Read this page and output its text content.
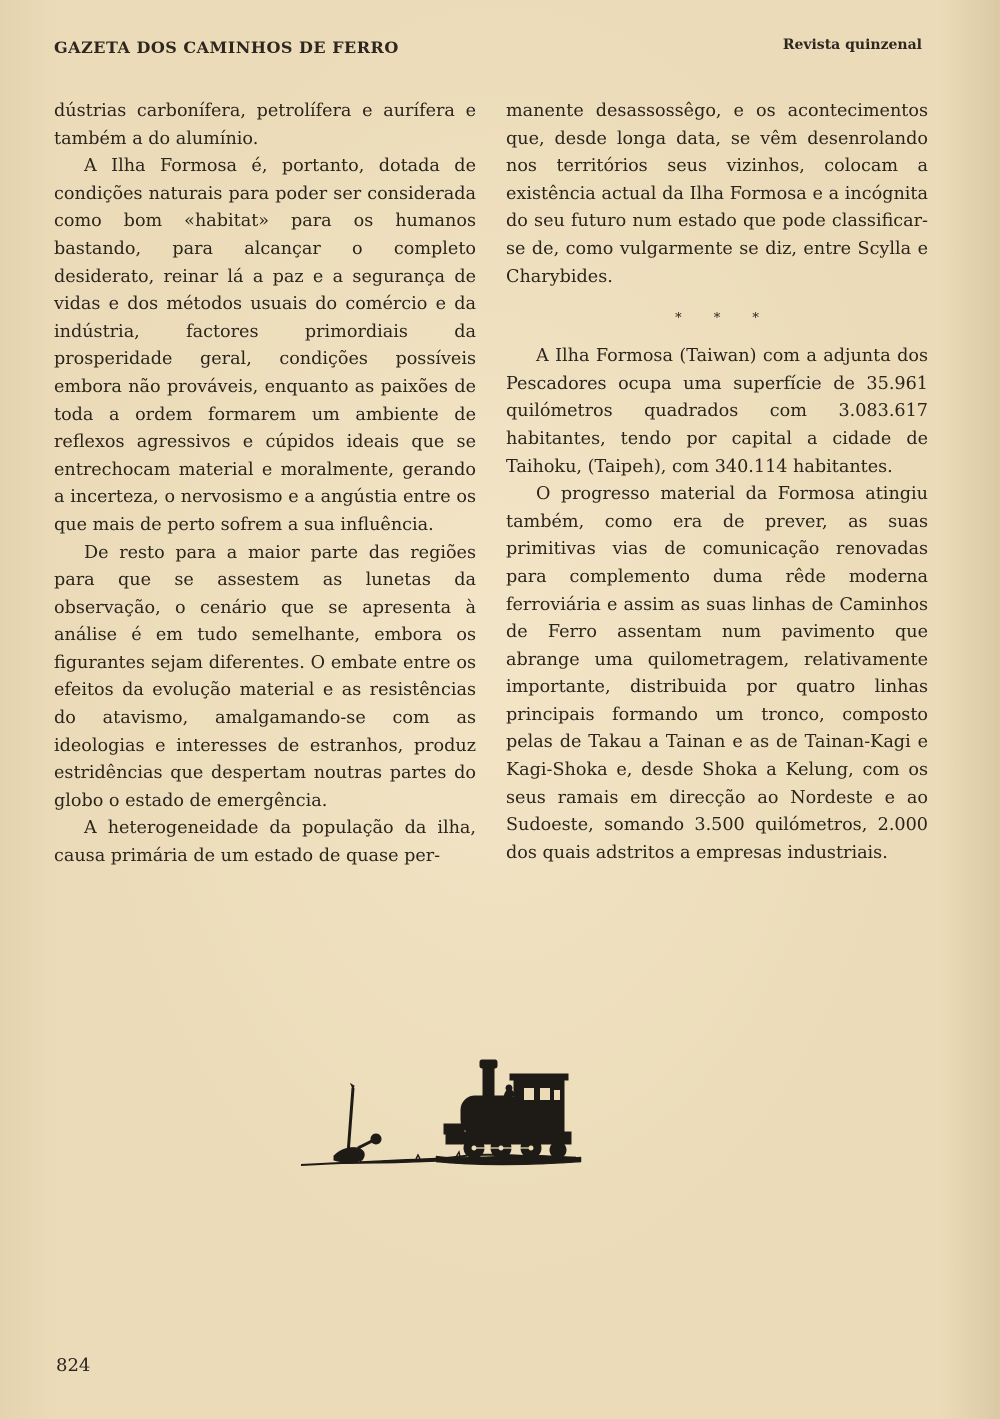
GAZETA DOS CAMINHOS DE FERRO	Revista quinzenal

dústrias carbonífera, petrolífera e aurífera e também a do alumínio.

A Ilha Formosa é, portanto, dotada de condições naturais para poder ser considerada como bom «habitat» para os humanos bastando, para alcançar o completo desiderato, reinar lá a paz e a segurança de vidas e dos métodos usuais do comércio e da indústria, factores primordiais da prosperidade geral, condições possíveis embora não prováveis, enquanto as paixões de toda a ordem formarem um ambiente de reflexos agressivos e cúpidos ideais que se entrechocam material e moralmente, gerando a incerteza, o nervosismo e a angústia entre os que mais de perto sofrem a sua influência.

De resto para a maior parte das regiões para que se assestem as lunetas da observação, o cenário que se apresenta à análise é em tudo semelhante, embora os figurantes sejam diferentes. O embate entre os efeitos da evolução material e as resistências do atavismo, amalgamando-se com as ideologias e interesses de estranhos, produz estridências que despertam noutras partes do globo o estado de emergência.

A heterogeneidade da população da ilha, causa primária de um estado de quase per-

manente desassossêgo, e os acontecimentos que, desde longa data, se vêm desenrolando nos territórios seus vizinhos, colocam a existência actual da Ilha Formosa e a incógnita do seu futuro num estado que pode classificar-se de, como vulgarmente se diz, entre Scylla e Charybides.

* * *

A Ilha Formosa (Taiwan) com a adjunta dos Pescadores ocupa uma superfície de 35.961 quilómetros quadrados com 3.083.617 habitantes, tendo por capital a cidade de Taihoku, (Taipeh), com 340.114 habitantes.

O progresso material da Formosa atingiu também, como era de prever, as suas primitivas vias de comunicação renovadas para complemento duma rêde moderna ferroviária e assim as suas linhas de Caminhos de Ferro assentam num pavimento que abrange uma quilometragem, relativamente importante, distribuida por quatro linhas principais formando um tronco, composto pelas de Takau a Tainan e as de Tainan-Kagi e Kagi-Shoka e, desde Shoka a Kelung, com os seus ramais em direcção ao Nordeste e ao Sudoeste, somando 3.500 quilómetros, 2.000 dos quais adstritos a empresas industriais.

824
